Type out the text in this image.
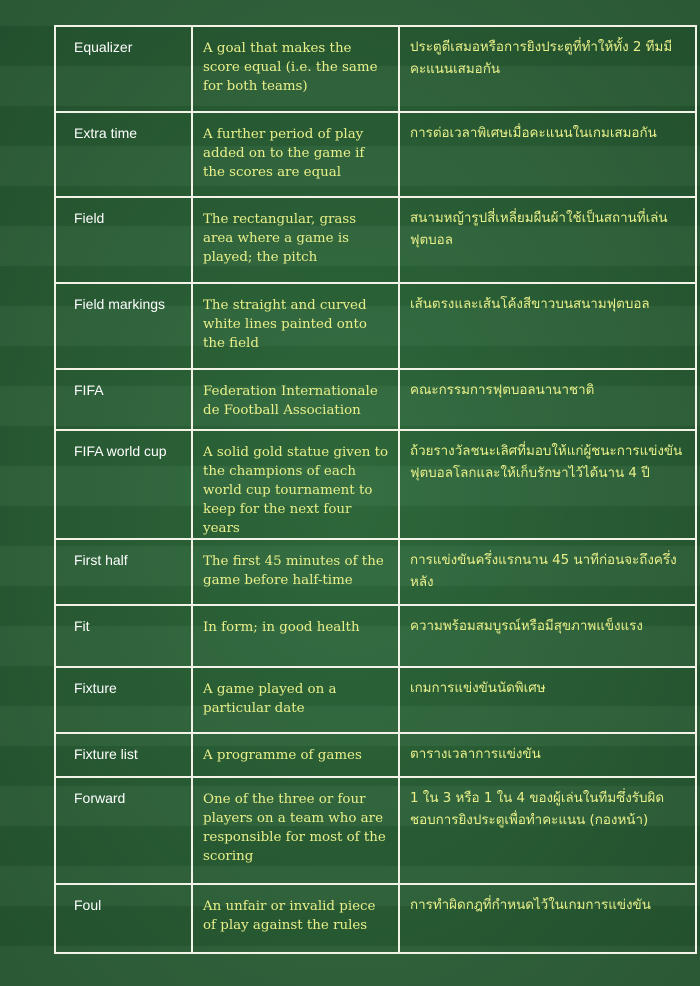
Equalizer	A goal that makes the score equal (i.e. the same for both teams)	ประตูตีเสมอหรือการยิงประตูที่ทำให้ทั้ง 2 ทีมมีคะแนนเสมอกัน
Extra time	A further period of play added on to the game if the scores are equal	การต่อเวลาพิเศษเมื่อคะแนนในเกมเสมอกัน
Field	The rectangular, grass area where a game is played; the pitch	สนามหญ้ารูปสี่เหลี่ยมผืนผ้าใช้เป็นสถานที่เล่นฟุตบอล
Field markings	The straight and curved white lines painted onto the field	เส้นตรงและเส้นโค้งสีขาวบนสนามฟุตบอล
FIFA	Federation Internationale de Football Association	คณะกรรมการฟุตบอลนานาชาติ
FIFA world cup	A solid gold statue given to the champions of each world cup tournament to keep for the next four years	ถ้วยรางวัลชนะเลิศที่มอบให้แก่ผู้ชนะการแข่งขันฟุตบอลโลกและให้เก็บรักษาไว้ได้นาน 4 ปี
First half	The first 45 minutes of the game before half-time	การแข่งขันครึ่งแรกนาน 45 นาทีก่อนจะถึงครึ่งหลัง
Fit	In form; in good health	ความพร้อมสมบูรณ์หรือมีสุขภาพแข็งแรง
Fixture	A game played on a particular date	เกมการแข่งขันนัดพิเศษ
Fixture list	A programme of games	ตารางเวลาการแข่งขัน
Forward	One of the three or four players on a team who are responsible for most of the scoring	1 ใน 3 หรือ 1 ใน 4 ของผู้เล่นในทีมซึ่งรับผิดชอบการยิงประตูเพื่อทำคะแนน (กองหน้า)
Foul	An unfair or invalid piece of play against the rules	การทำผิดกฎที่กำหนดไว้ในเกมการแข่งขัน
